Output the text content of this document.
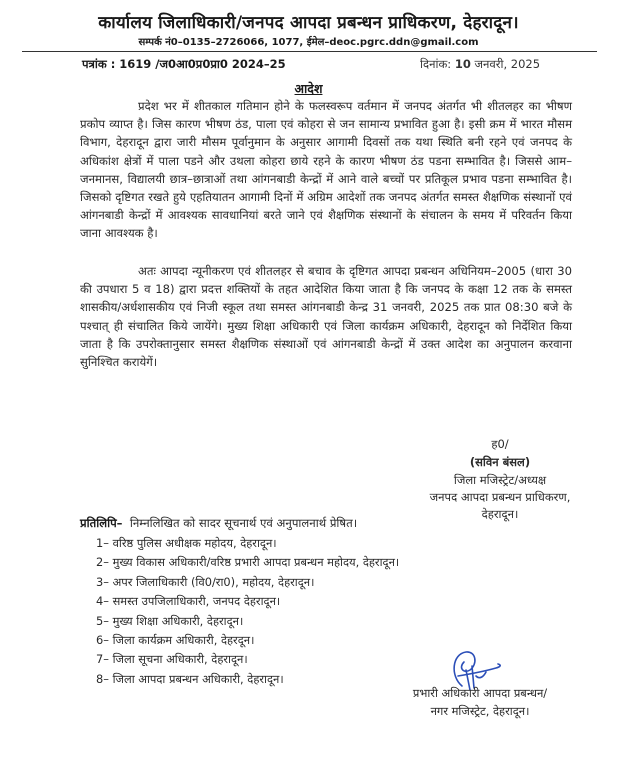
कार्यालय जिलाधिकारी/जनपद आपदा प्रबन्धन प्राधिकरण, देहरादून।
सम्पर्क नं0–0135–2726066, 1077, ईमेल–deoc.pgrc.ddn@gmail.com
पत्रांक : 1619 /ज0आ0प्र0प्रा0 2024–25	दिनांक: 10 जनवरी, 2025
आदेश
प्रदेश भर में शीतकाल गतिमान होने के फलस्वरूप वर्तमान में जनपद अंतर्गत भी शीतलहर का भीषण प्रकोप व्याप्त है। जिस कारण भीषण ठंड, पाला एवं कोहरा से जन सामान्य प्रभावित हुआ है। इसी क्रम में भारत मौसम विभाग, देहरादून द्वारा जारी मौसम पूर्वानुमान के अनुसार आगामी दिवसों तक यथा स्थिति बनी रहने एवं जनपद के अधिकांश क्षेत्रों में पाला पडने और उथला कोहरा छाये रहने के कारण भीषण ठंड पडना सम्भावित है। जिससे आम–जनमानस, विद्यालयी छात्र–छात्राओं तथा आंगनबाडी केन्द्रों में आने वाले बच्चों पर प्रतिकूल प्रभाव पडना सम्भावित है। जिसको दृष्टिगत रखते हुये एहतियातन आगामी दिनों में अग्रिम आदेशों तक जनपद अंतर्गत समस्त शैक्षणिक संस्थानों एवं आंगनबाडी केन्द्रों में आवश्यक सावधानियां बरते जाने एवं शैक्षणिक संस्थानों के संचालन के समय में परिवर्तन किया जाना आवश्यक है।
अतः आपदा न्यूनीकरण एवं शीतलहर से बचाव के दृष्टिगत आपदा प्रबन्धन अधिनियम–2005 (धारा 30 की उपधारा 5 व 18) द्वारा प्रदत्त शक्तियों के तहत आदेशित किया जाता है कि जनपद के कक्षा 12 तक के समस्त शासकीय/अर्धशासकीय एवं निजी स्कूल तथा समस्त आंगनबाडी केन्द्र 31 जनवरी, 2025 तक प्रात 08:30 बजे के पश्चात् ही संचालित किये जायेंगे। मुख्य शिक्षा अधिकारी एवं जिला कार्यक्रम अधिकारी, देहरादून को निर्देशित किया जाता है कि उपरोक्तानुसार समस्त शैक्षणिक संस्थाओं एवं आंगनबाडी केन्द्रों में उक्त आदेश का अनुपालन करवाना सुनिश्चित करायेगें।
ह0/
(सविन बंसल)
जिला मजिस्ट्रेट/अध्यक्ष
जनपद आपदा प्रबन्धन प्राधिकरण,
देहरादून।
प्रतिलिपि– निम्नलिखित को सादर सूचनार्थ एवं अनुपालनार्थ प्रेषित।
1– वरिष्ठ पुलिस अधीक्षक महोदय, देहरादून।
2– मुख्य विकास अधिकारी/वरिष्ठ प्रभारी आपदा प्रबन्धन महोदय, देहरादून।
3– अपर जिलाधिकारी (वि0/रा0), महोदय, देहरादून।
4– समस्त उपजिलाधिकारी, जनपद देहरादून।
5– मुख्य शिक्षा अधिकारी, देहरादून।
6– जिला कार्यक्रम अधिकारी, देहरदून।
7– जिला सूचना अधिकारी, देहरादून।
8– जिला आपदा प्रबन्धन अधिकारी, देहरादून।
प्रभारी अधिकारी आपदा प्रबन्धन/
नगर मजिस्ट्रेट, देहरादून।
